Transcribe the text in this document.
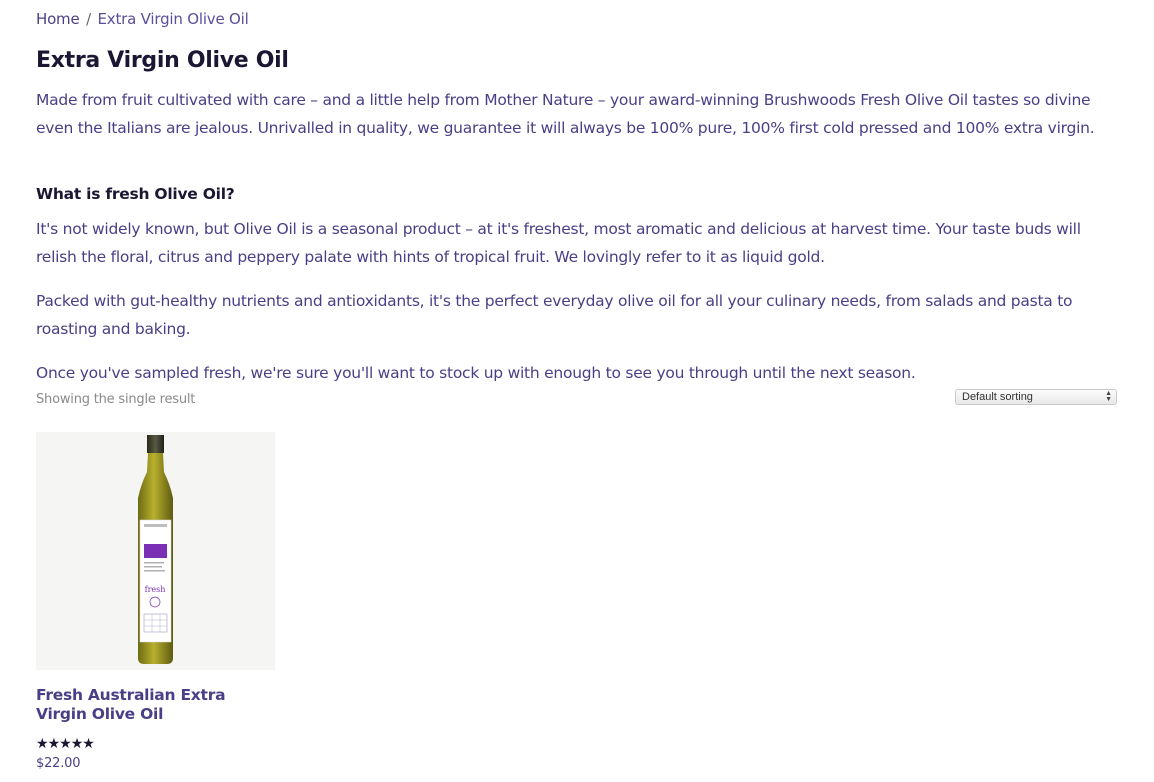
Home / Extra Virgin Olive Oil
Extra Virgin Olive Oil

Made from fruit cultivated with care – and a little help from Mother Nature – your award-winning Brushwoods Fresh Olive Oil tastes so divine even the Italians are jealous. Unrivalled in quality, we guarantee it will always be 100% pure, 100% first cold pressed and 100% extra virgin.

What is fresh Olive Oil?

It's not widely known, but Olive Oil is a seasonal product – at it's freshest, most aromatic and delicious at harvest time. Your taste buds will relish the floral, citrus and peppery palate with hints of tropical fruit. We lovingly refer to it as liquid gold.

Packed with gut-healthy nutrients and antioxidants, it's the perfect everyday olive oil for all your culinary needs, from salads and pasta to roasting and baking.

Once you've sampled fresh, we're sure you'll want to stock up with enough to see you through until the next season.

Showing the single result	Default sorting	▲
▼
fresh
Fresh Australian Extra Virgin Olive Oil
★★★★★
$22.00
